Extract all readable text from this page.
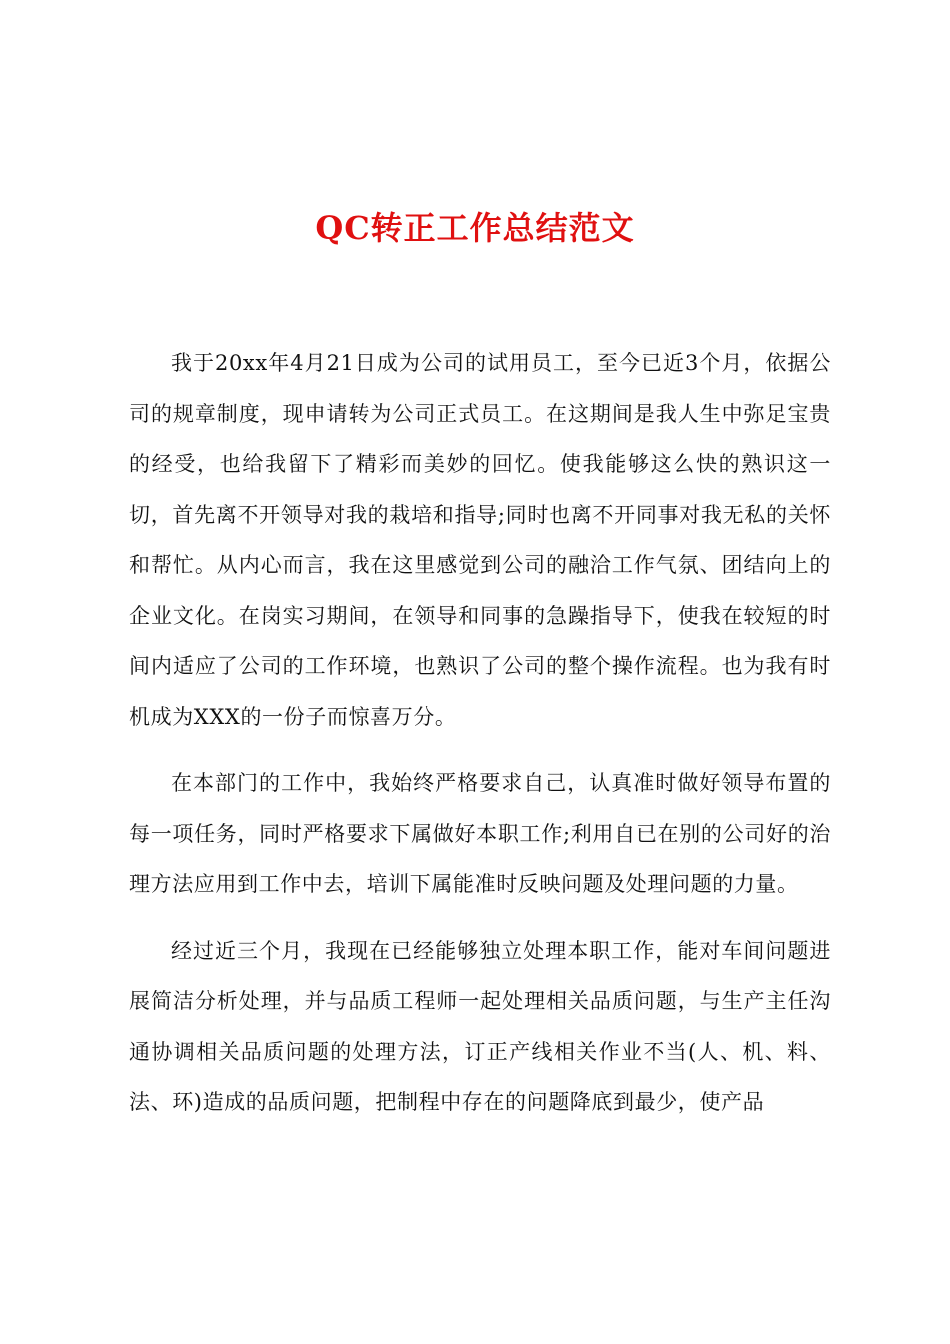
QC转正工作总结范文

我于20xx年4月21日成为公司的试用员工，至今已近3个月，依据公司的规章制度，现申请转为公司正式员工。在这期间是我人生中弥足宝贵的经受，也给我留下了精彩而美妙的回忆。使我能够这么快的熟识这一切，首先离不开领导对我的栽培和指导;同时也离不开同事对我无私的关怀和帮忙。从内心而言，我在这里感觉到公司的融洽工作气氛、团结向上的企业文化。在岗实习期间，在领导和同事的急躁指导下，使我在较短的时间内适应了公司的工作环境，也熟识了公司的整个操作流程。也为我有时机成为XXX的一份子而惊喜万分。

在本部门的工作中，我始终严格要求自己，认真准时做好领导布置的每一项任务，同时严格要求下属做好本职工作;利用自已在别的公司好的治理方法应用到工作中去，培训下属能准时反映问题及处理问题的力量。

经过近三个月，我现在已经能够独立处理本职工作，能对车间问题进展简洁分析处理，并与品质工程师一起处理相关品质问题，与生产主任沟通协调相关品质问题的处理方法，订正产线相关作业不当(人、机、料、法、环)造成的品质问题，把制程中存在的问题降底到最少，使产品
